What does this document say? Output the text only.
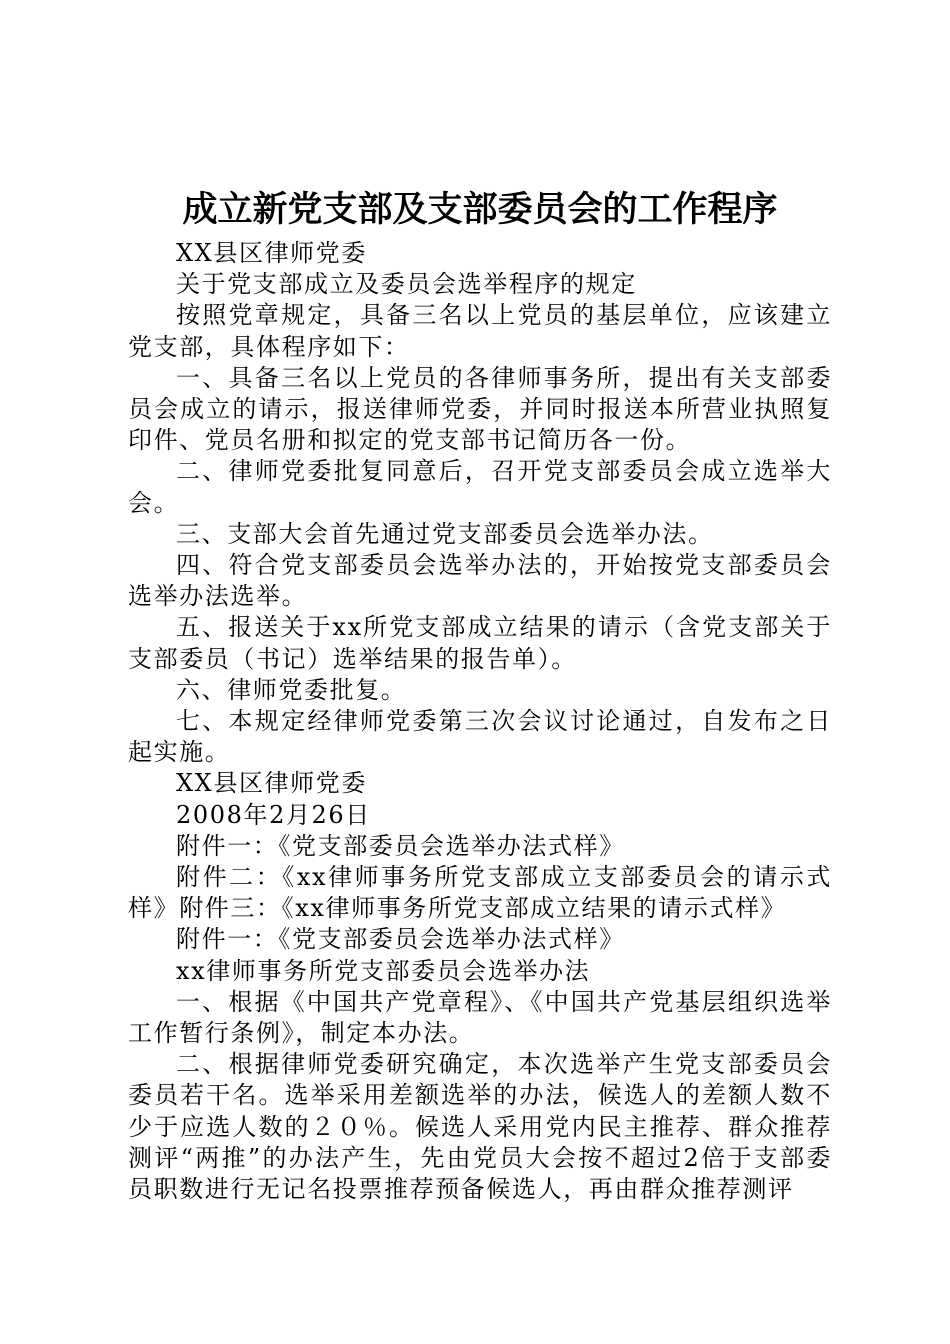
成立新党支部及支部委员会的工作程序

XX县区律师党委

关于党支部成立及委员会选举程序的规定

按照党章规定，具备三名以上党员的基层单位，应该建立党支部，具体程序如下：

一、具备三名以上党员的各律师事务所，提出有关支部委员会成立的请示，报送律师党委，并同时报送本所营业执照复印件、党员名册和拟定的党支部书记简历各一份。

二、律师党委批复同意后，召开党支部委员会成立选举大会。

三、支部大会首先通过党支部委员会选举办法。

四、符合党支部委员会选举办法的，开始按党支部委员会选举办法选举。

五、报送关于xx所党支部成立结果的请示（含党支部关于支部委员（书记）选举结果的报告单）。

六、律师党委批复。

七、本规定经律师党委第三次会议讨论通过，自发布之日起实施。

XX县区律师党委

2008年2月26日

附件一：《党支部委员会选举办法式样》

附件二：《xx律师事务所党支部成立支部委员会的请示式样》附件三：《xx律师事务所党支部成立结果的请示式样》

附件一：《党支部委员会选举办法式样》

xx律师事务所党支部委员会选举办法

一、根据《中国共产党章程》、《中国共产党基层组织选举工作暂行条例》，制定本办法。

二、根据律师党委研究确定，本次选举产生党支部委员会委员若干名。选举采用差额选举的办法，候选人的差额人数不少于应选人数的２０％。候选人采用党内民主推荐、群众推荐测评“两推”的办法产生，先由党员大会按不超过2倍于支部委员职数进行无记名投票推荐预备候选人，再由群众推荐测评
